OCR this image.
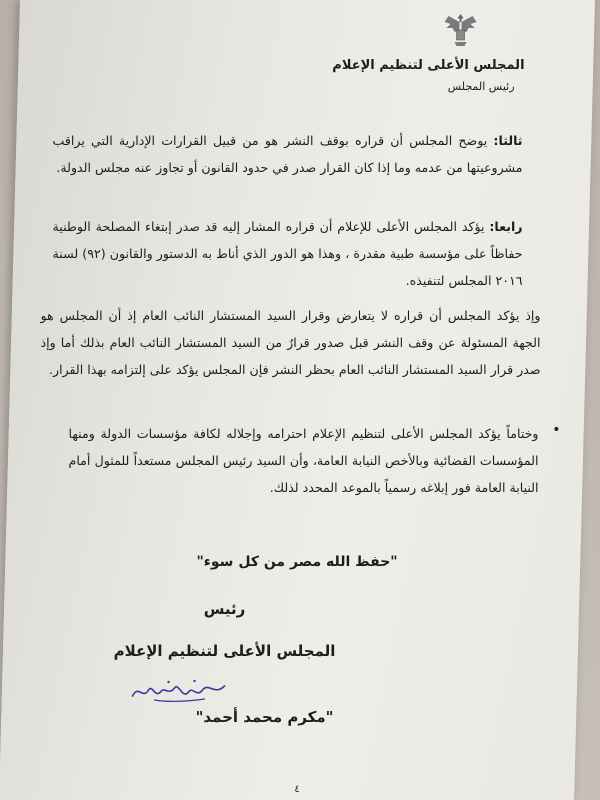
المجلس الأعلى لتنظيم الإعلام
رئيس المجلس
ثالثا: يوضح المجلس أن قراره بوقف النشر هو من قبيل القرارات الإدارية التي يراقب مشروعيتها من عدمه وما إذا كان القرار صدر في حدود القانون أو تجاوز عنه مجلس الدولة.
رابعا: يؤكد المجلس الأعلى للإعلام أن قراره المشار إليه قد صدر إبتغاء المصلحة الوطنية حفاظاً على مؤسسة طبية مقدرة ، وهذا هو الدور الذي أناط به الدستور والقانون (٩٢) لسنة ٢٠١٦ المجلس لتنفيذه.
وإذ يؤكد المجلس أن قراره لا يتعارض وقرار السيد المستشار النائب العام إذ أن المجلس هو الجهة المسئولة عن وقف النشر قبل صدور قرارٌ من السيد المستشار النائب العام بذلك أما وإذ صدر قرار السيد المستشار النائب العام بحظر النشر فإن المجلس يؤكد على إلتزامه بهذا القرار.
•
وختاماً يؤكد المجلس الأعلى لتنظيم الإعلام احترامه وإجلاله لكافة مؤسسات الدولة ومنها المؤسسات القضائية وبالأخص النيابة العامة، وأن السيد رئيس المجلس مستعداً للمثول أمام النيابة العامة فور إبلاغه رسمياً بالموعد المحدد لذلك.
"حفظ الله مصر من كل سوء"
رئيس
المجلس الأعلى لتنظيم الإعلام
"مكرم محمد أحمد"
٤
